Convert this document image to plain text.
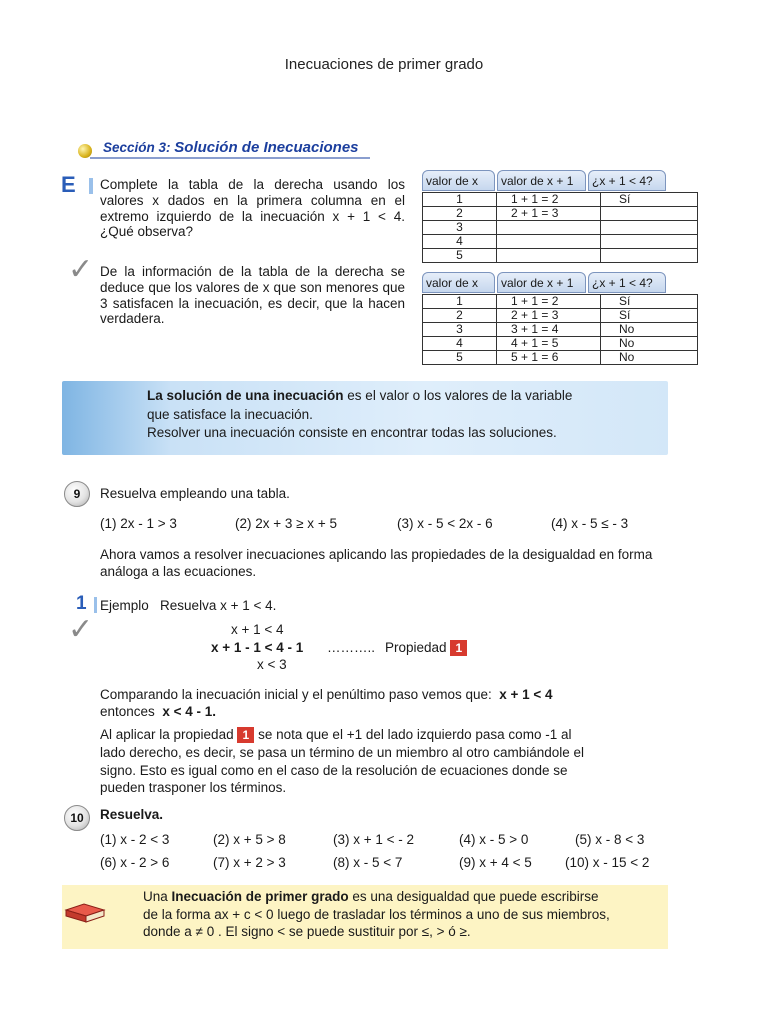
Inecuaciones de primer grado
Sección 3: Solución de Inecuaciones
E Complete la tabla de la derecha usando los valores x dados en la primera columna en el extremo izquierdo de la inecuación x + 1 < 4. ¿Qué observa?
✓ De la información de la tabla de la derecha se deduce que los valores de x que son menores que 3 satisfacen la inecuación, es decir, que la hacen verdadera.
valor de x	valor de x + 1	¿x + 1 < 4?
1	1 + 1 = 2	Sí
2	2 + 1 = 3	
3		
4		
5		
valor de x	valor de x + 1	¿x + 1 < 4?
1	1 + 1 = 2	Sí
2	2 + 1 = 3	Sí
3	3 + 1 = 4	No
4	4 + 1 = 5	No
5	5 + 1 = 6	No
La solución de una inecuación es el valor o los valores de la variable
que satisface la inecuación.
Resolver una inecuación consiste en encontrar todas las soluciones.
9	Resuelva empleando una tabla.
(1) 2x - 1 > 3	(2) 2x + 3 ≥ x + 5	(3) x - 5 < 2x - 6	(4) x - 5 ≤ - 3
Ahora vamos a resolver inecuaciones aplicando las propiedades de la desigualdad en forma análoga a las ecuaciones.
1 Ejemplo Resuelva x + 1 < 4.
✓	x + 1 < 4
x + 1 - 1 < 4 - 1 ……….. Propiedad 1
x < 3
Comparando la inecuación inicial y el penúltimo paso vemos que: x + 1 < 4
entonces x < 4 - 1.
Al aplicar la propiedad 1 se nota que el +1 del lado izquierdo pasa como -1 al
lado derecho, es decir, se pasa un término de un miembro al otro cambiándole el
signo. Esto es igual como en el caso de la resolución de ecuaciones donde se
pueden trasponer los términos.
10	Resuelva.
(1) x - 2 < 3	(2) x + 5 > 8	(3) x + 1 < - 2	(4) x - 5 > 0	(5) x - 8 < 3
(6) x - 2 > 6	(7) x + 2 > 3	(8) x - 5 < 7	(9) x + 4 < 5 (10) x - 15 < 2
Una Inecuación de primer grado es una desigualdad que puede escribirse
de la forma ax + c < 0 luego de trasladar los términos a uno de sus miembros,
donde a ≠ 0 . El signo < se puede sustituir por ≤, > ó ≥.
